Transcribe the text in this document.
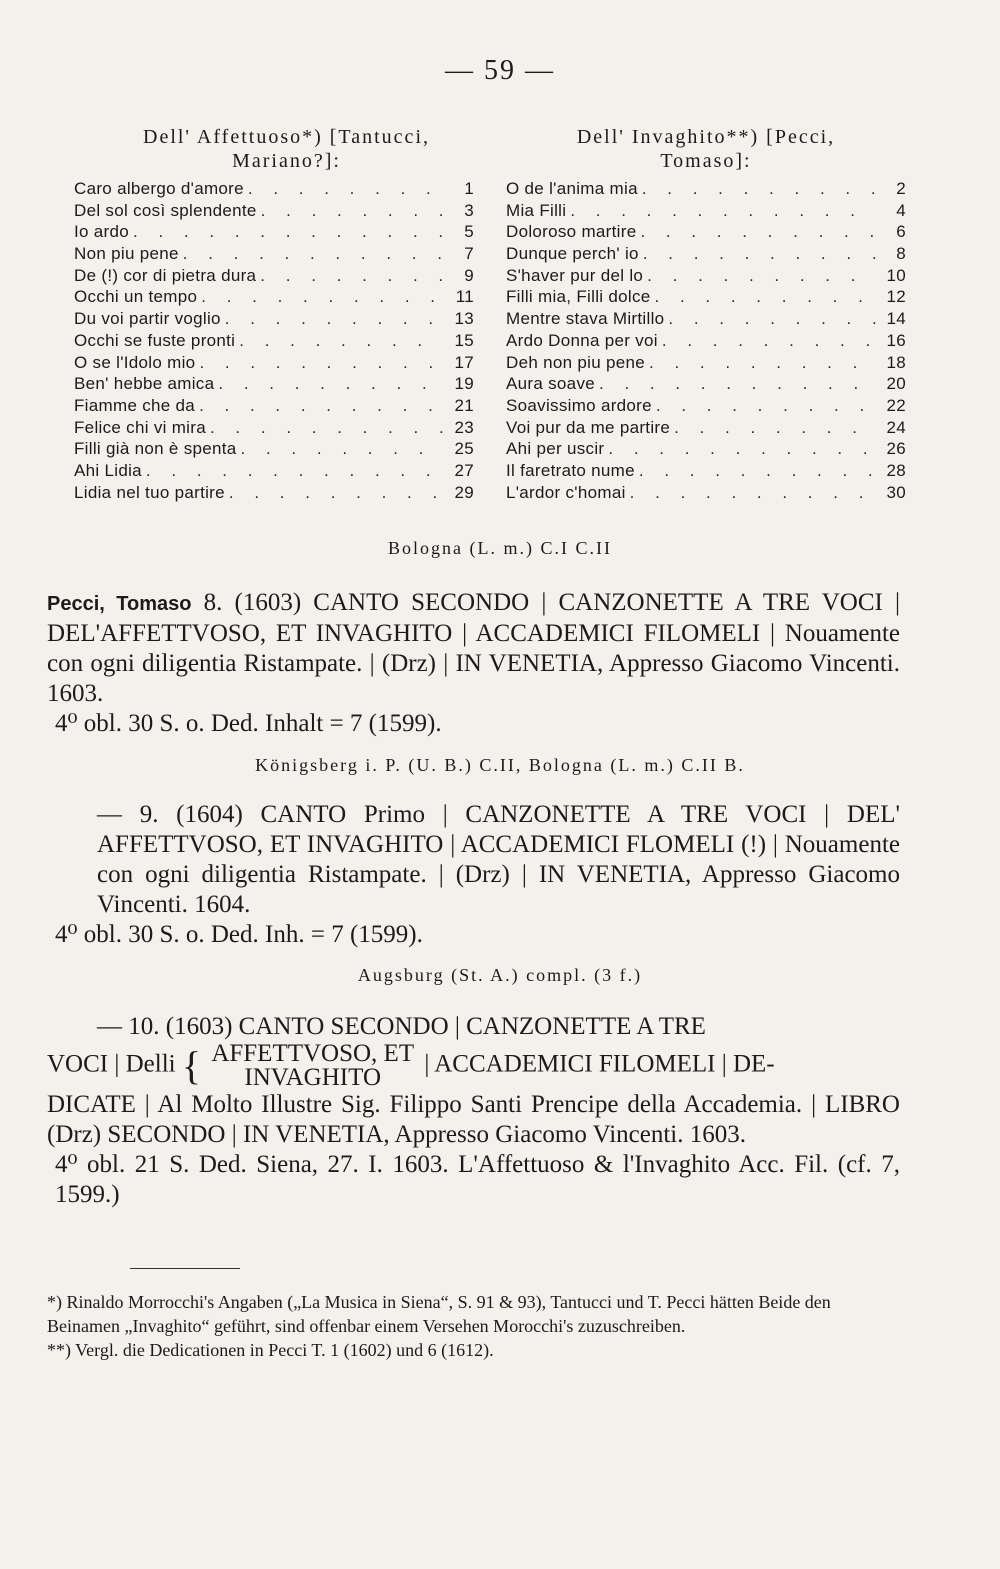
— 59 —
Dell' Affettuoso*) [Tantucci,
Mariano?]:
Caro albergo d'amore . . .	1
Del sol così splendente . . .	3
Io ardo . . .	5
Non piu pene . . .	7
De (!) cor di pietra dura . . .	9
Occhi un tempo . . .	11
Du voi partir voglio . . .	13
Occhi se fuste pronti . . .	15
O se l'Idolo mio . . .	17
Ben' hebbe amica . . .	19
Fiamme che da . . .	21
Felice chi vi mira . . .	23
Filli già non è spenta . . .	25
Ahi Lidia . . .	27
Lidia nel tuo partire . . .	29
Dell' Invaghito**) [Pecci,
Tomaso]:
O de l'anima mia . . .	2
Mia Filli . . .	4
Doloroso martire . . .	6
Dunque perch' io . . .	8
S'haver pur del lo . . .	10
Filli mia, Filli dolce . . .	12
Mentre stava Mirtillo . . .	14
Ardo Donna per voi . . .	16
Deh non piu pene . . .	18
Aura soave . . .	20
Soavissimo ardore . . .	22
Voi pur da me partire . . .	24
Ahi per uscir . . .	26
Il faretrato nume . . .	28
L'ardor c'homai . . .	30
Bologna (L. m.) C.I C.II

Pecci, Tomaso 8. (1603) CANTO SECONDO | CANZONETTE A TRE VOCI | DEL'AFFETTVOSO, ET INVAGHITO | ACCADEMICI FILOMELI | Nouamente con ogni diligentia Ristampate. | (Drz) | IN VENETIA, Appresso Giacomo Vincenti. 1603.

4⁰ obl. 30 S. o. Ded. Inhalt = 7 (1599).

Königsberg i. P. (U. B.) C.II, Bologna (L. m.) C.II B.

— 9. (1604) CANTO Primo | CANZONETTE A TRE VOCI | DEL' AFFETTVOSO, ET INVAGHITO | ACCADEMICI FLOMELI (!) | Nouamente con ogni diligentia Ristampate. | (Drz) | IN VENETIA, Appresso Giacomo Vincenti. 1604.

4⁰ obl. 30 S. o. Ded. Inh. = 7 (1599).

Augsburg (St. A.) compl. (3 f.)

— 10. (1603) CANTO SECONDO | CANZONETTE A TRE

VOCI | Delli { AFFETTVOSO, ET
INVAGHITO	| ACCADEMICI FILOMELI | DE-

DICATE | Al Molto Illustre Sig. Filippo Santi Prencipe della Accademia. | LIBRO (Drz) SECONDO | IN VENETIA, Appresso Giacomo Vincenti. 1603.

4⁰ obl. 21 S. Ded. Siena, 27. I. 1603. L'Affettuoso & l'Invaghito Acc. Fil. (cf. 7, 1599.)

*) Rinaldo Morrocchi's Angaben („La Musica in Siena“, S. 91 & 93), Tantucci und T. Pecci hätten Beide den Beinamen „Invaghito“ geführt, sind offenbar einem Versehen Morocchi's zuzuschreiben.

**) Vergl. die Dedicationen in Pecci T. 1 (1602) und 6 (1612).
